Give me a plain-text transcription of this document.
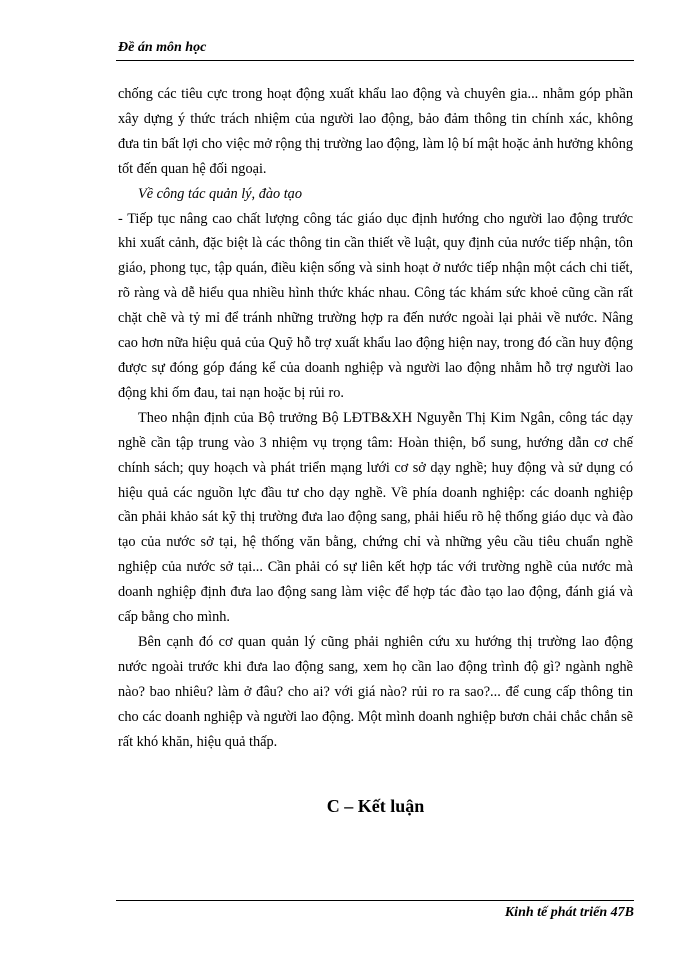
Đề án môn học

chống các tiêu cực trong hoạt động xuất khẩu lao động và chuyên gia... nhằm góp phần xây dựng ý thức trách nhiệm của người lao động, bảo đảm thông tin chính xác, không đưa tin bất lợi cho việc mở rộng thị trường lao động, làm lộ bí mật hoặc ảnh hưởng không tốt đến quan hệ đối ngoại.

Về công tác quản lý, đào tạo

- Tiếp tục nâng cao chất lượng công tác giáo dục định hướng cho người lao động trước khi xuất cảnh, đặc biệt là các thông tin cần thiết về luật, quy định của nước tiếp nhận, tôn giáo, phong tục, tập quán, điều kiện sống và sinh hoạt ở nước tiếp nhận một cách chi tiết, rõ ràng và dễ hiểu qua nhiều hình thức khác nhau. Công tác khám sức khoẻ cũng cần rất chặt chẽ và tỷ mỉ để tránh những trường hợp ra đến nước ngoài lại phải về nước. Nâng cao hơn nữa hiệu quả của Quỹ hỗ trợ xuất khẩu lao động hiện nay, trong đó cần huy động được sự đóng góp đáng kể của doanh nghiệp và người lao động nhằm hỗ trợ người lao động khi ốm đau, tai nạn hoặc bị rủi ro.

Theo nhận định của Bộ trưởng Bộ LĐTB&XH Nguyễn Thị Kim Ngân, công tác dạy nghề cần tập trung vào 3 nhiệm vụ trọng tâm: Hoàn thiện, bổ sung, hướng dẫn cơ chế chính sách; quy hoạch và phát triển mạng lưới cơ sở dạy nghề; huy động và sử dụng có hiệu quả các nguồn lực đầu tư cho dạy nghề. Về phía doanh nghiệp: các doanh nghiệp cần phải khảo sát kỹ thị trường đưa lao động sang, phải hiểu rõ hệ thống giáo dục và đào tạo của nước sở tại, hệ thống văn bằng, chứng chỉ và những yêu cầu tiêu chuẩn nghề nghiệp của nước sở tại... Cần phải có sự liên kết hợp tác với trường nghề của nước mà doanh nghiệp định đưa lao động sang làm việc để hợp tác đào tạo lao động, đánh giá và cấp bằng cho mình.

Bên cạnh đó cơ quan quản lý cũng phải nghiên cứu xu hướng thị trường lao động nước ngoài trước khi đưa lao động sang, xem họ cần lao động trình độ gì? ngành nghề nào? bao nhiêu? làm ở đâu? cho ai? với giá nào? rủi ro ra sao?... để cung cấp thông tin cho các doanh nghiệp và người lao động. Một mình doanh nghiệp bươn chải chắc chắn sẽ rất khó khăn, hiệu quả thấp.

C – Kết luận
Kinh tế phát triển 47B
